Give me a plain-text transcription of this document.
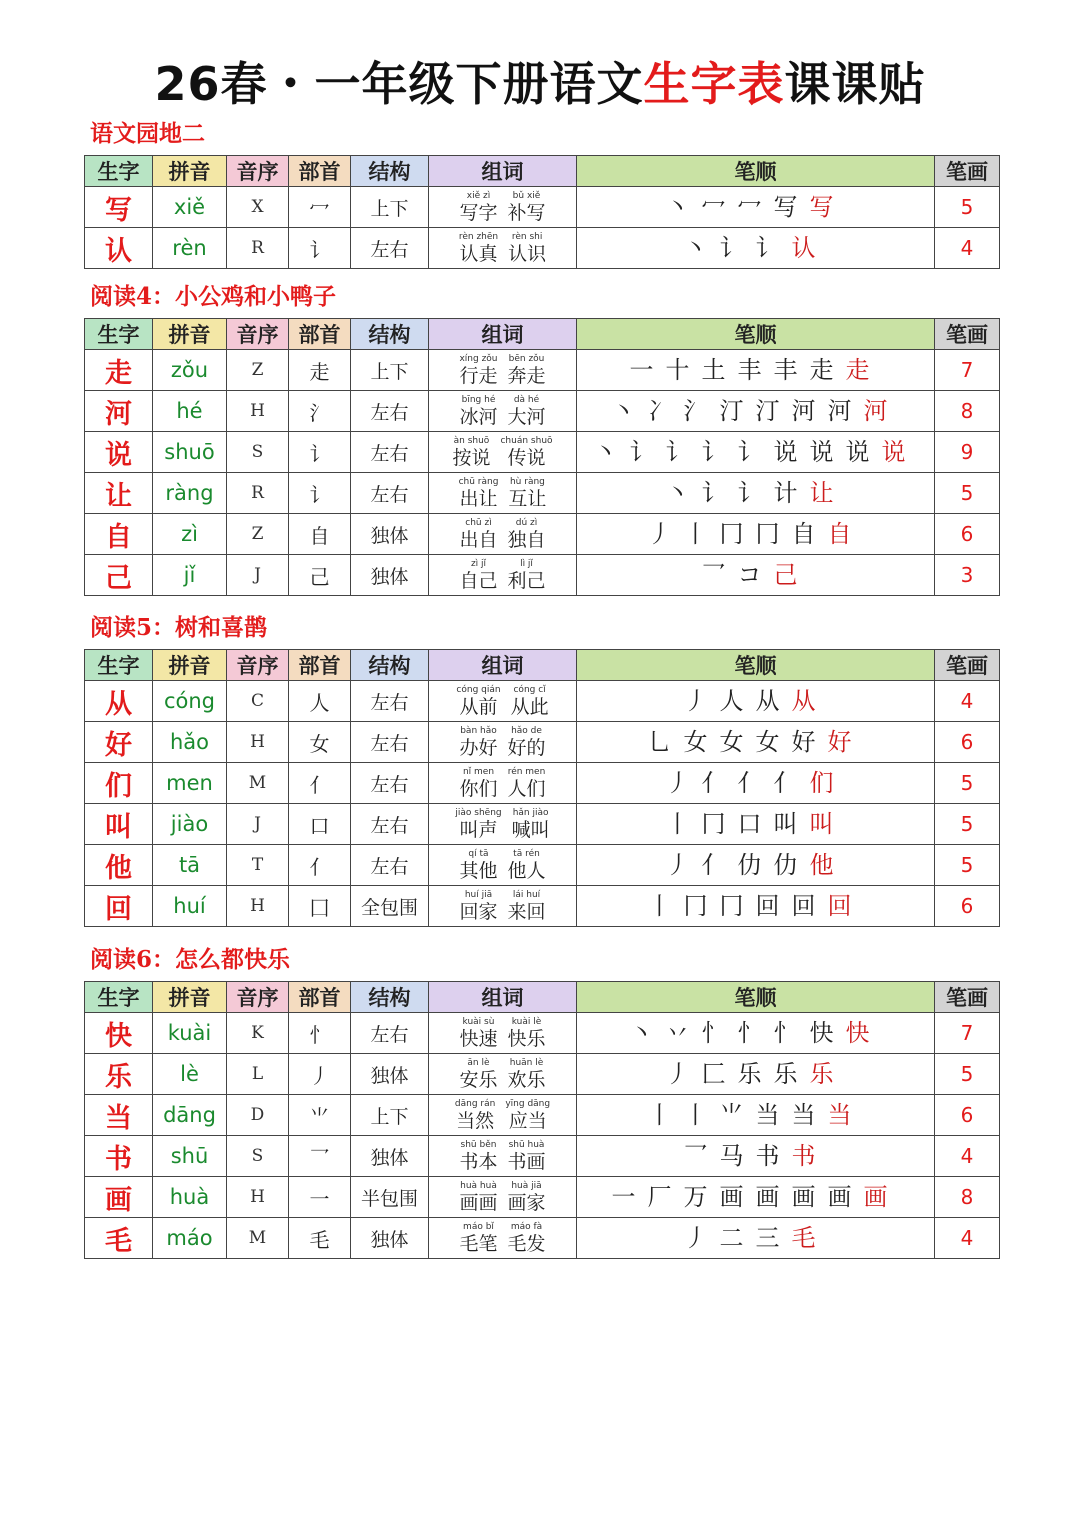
26春・一年级下册语文生字表课课贴
语文园地二
生字	拼音	音序	部首	结构	组词	笔顺	笔画
写	xiě	X	冖	上下	xiě zì
写字
bǔ xiě
补写	丶 冖 冖 写 写	5
认	rèn	R	讠	左右	rèn zhēn
认真
rèn shi
认识	丶 讠 讠 认	4
阅读4：小公鸡和小鸭子
生字	拼音	音序	部首	结构	组词	笔顺	笔画
走	zǒu	Z	走	上下	xíng zǒu
行走
bēn zǒu
奔走	一 十 土 丰 丰 走 走	7
河	hé	H	氵	左右	bīng hé
冰河
dà hé
大河	丶 冫 氵 汀 汀 河 河 河	8
说	shuō	S	讠	左右	àn shuō
按说
chuán shuō
传说	丶 讠 讠 讠 讠 说 说 说 说	9
让	ràng	R	讠	左右	chū ràng
出让
hù ràng
互让	丶 讠 讠 计 让	5
自	zì	Z	自	独体	chū zì
出自
dú zì
独自	丿 丨 冂 冂 自 自	6
己	jǐ	J	己	独体	zì jǐ
自己
lì jǐ
利己	乛 コ 己	3
阅读5：树和喜鹊
生字	拼音	音序	部首	结构	组词	笔顺	笔画
从	cóng	C	人	左右	cóng qián
从前
cóng cǐ
从此	丿 人 从 从	4
好	hǎo	H	女	左右	bàn hǎo
办好
hǎo de
好的	乚 女 女 女 好 好	6
们	men	M	亻	左右	nǐ men
你们
rén men
人们	丿 亻 亻 亻 们	5
叫	jiào	J	口	左右	jiào shēng
叫声
hǎn jiào
喊叫	丨 冂 口 叫 叫	5
他	tā	T	亻	左右	qí tā
其他
tā rén
他人	丿 亻 仂 仂 他	5
回	huí	H	囗	全包围	huí jiā
回家
lái huí
来回	丨 冂 冂 回 回 回	6
阅读6：怎么都快乐
生字	拼音	音序	部首	结构	组词	笔顺	笔画
快	kuài	K	忄	左右	kuài sù
快速
kuài lè
快乐	丶 丷 忄 忄 忄 快 快	7
乐	lè	L	丿	独体	ān lè
安乐
huān lè
欢乐	丿 匚 乐 乐 乐	5
当	dāng	D	⺌	上下	dāng rán
当然
yīng dāng
应当	丨 丨 ⺌ 当 当 当	6
书	shū	S	乛	独体	shū běn
书本
shū huà
书画	乛 马 书 书	4
画	huà	H	一	半包围	huà huà
画画
huà jiā
画家	一 厂 万 画 画 画 画 画	8
毛	máo	M	毛	独体	máo bǐ
毛笔
máo fà
毛发	丿 二 三 毛	4
